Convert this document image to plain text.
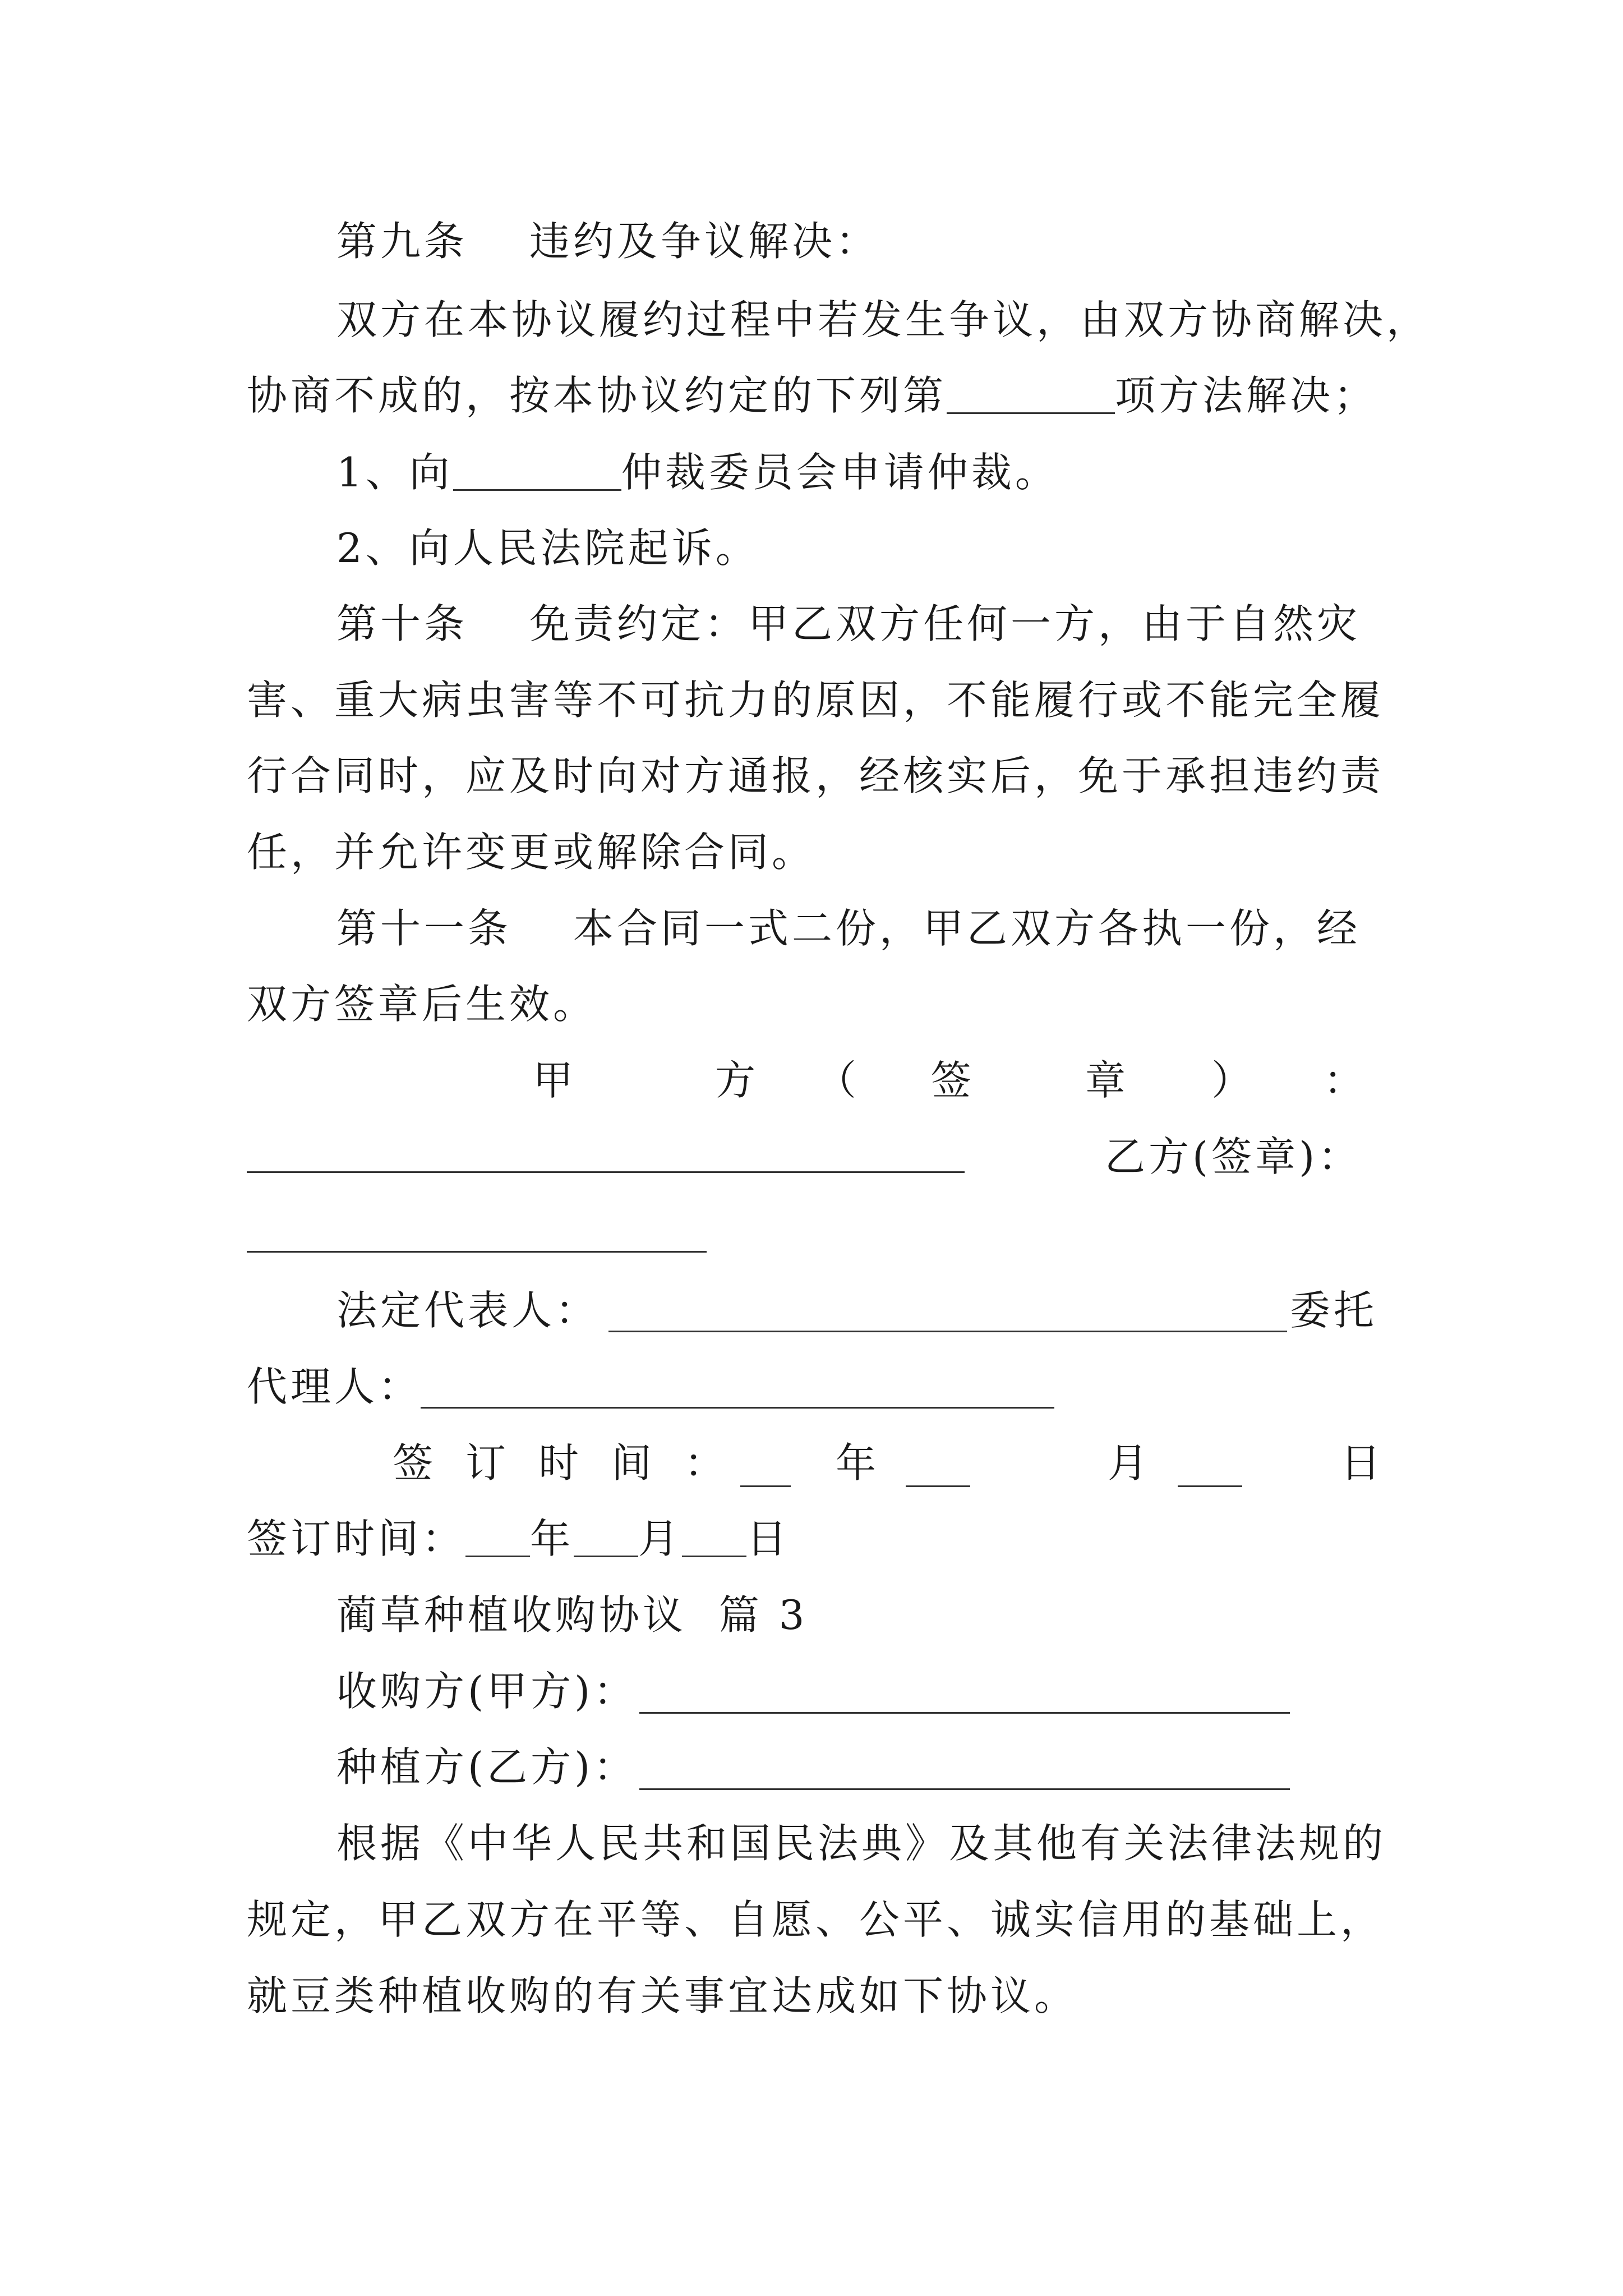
第九条 违约及争议解决：
双方在本协议履约过程中若发生争议，由双方协商解决，
协商不成的，按本协议约定的下列第	项方法解决；
1、向	仲裁委员会申请仲裁。
2、向人民法院起诉。
第十条 免责约定：甲乙双方任何一方，由于自然灾
害、重大病虫害等不可抗力的原因，不能履行或不能完全履
行合同时，应及时向对方通报，经核实后，免于承担违约责
任，并允许变更或解除合同。
第十一条 本合同一式二份，甲乙双方各执一份，经
双方签章后生效。
甲	方 （ 签	章 ） ：
乙方(签章)：
法定代表人：	委托
代理人：
签 订 时 间 ：	年	月	日
签订时间： 年 月 日
蔺草种植收购协议  篇 3
收购方(甲方)：
种植方(乙方)：
根据《中华人民共和国民法典》及其他有关法律法规的
规定，甲乙双方在平等、自愿、公平、诚实信用的基础上，
就豆类种植收购的有关事宜达成如下协议。
